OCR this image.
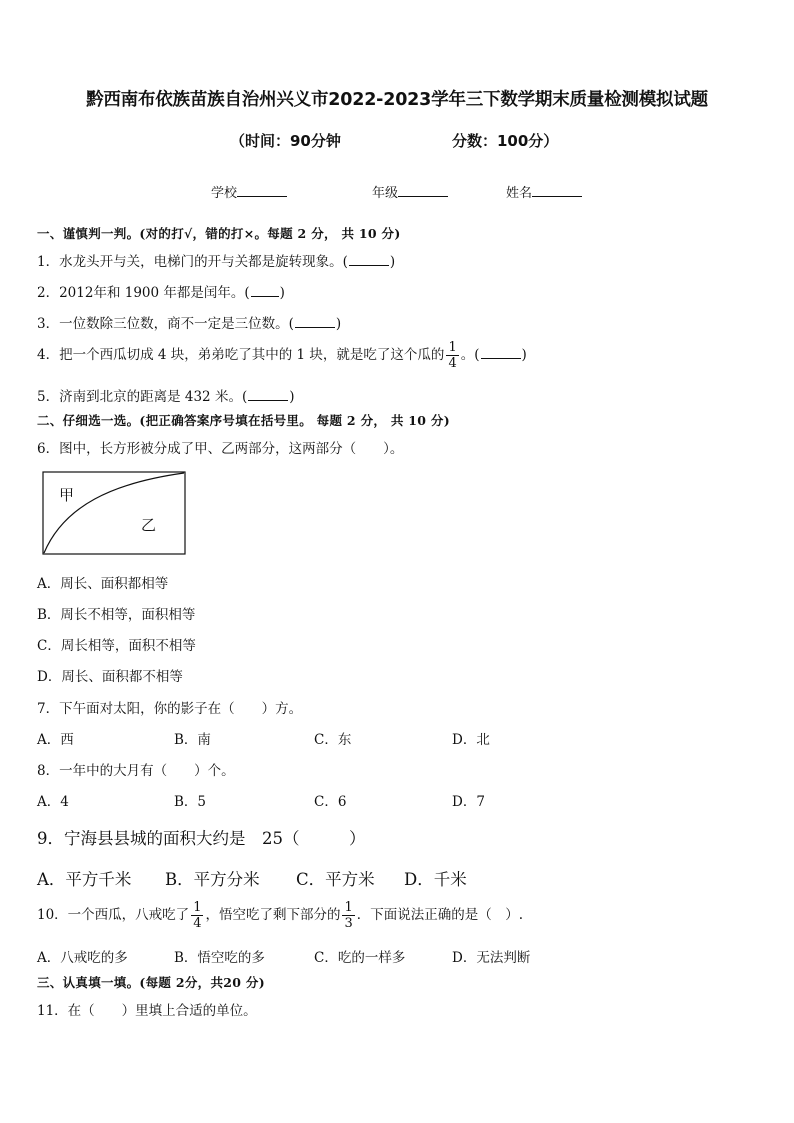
黔西南布依族苗族自治州兴义市2022-2023学年三下数学期末质量检测模拟试题
（时间：90分钟	分数：100分）
学校	年级	姓名
一、谨慎判一判。(对的打√，错的打×。每题 2 分， 共 10 分)
1．水龙头开与关，电梯门的开与关都是旋转现象。(	)
2．2012年和 1900 年都是闰年。( )
3．一位数除三位数，商不一定是三位数。(	)
4．把一个西瓜切成 4 块，弟弟吃了其中的 1 块，就是吃了这个瓜的 $\frac{1}{4}$ 。(	)
5．济南到北京的距离是 432 米。(	)
二、仔细选一选。(把正确答案序号填在括号里。 每题 2 分， 共 10 分)
6．图中，长方形被分成了甲、乙两部分，这两部分（　　）。
甲
乙
A．周长、面积都相等
B．周长不相等，面积相等
C．周长相等，面积不相等
D．周长、面积都不相等
7．下午面对太阳，你的影子在（　　）方。
A．西	B．南	C．东	D．北
8．一年中的大月有（　　）个。
A．4	B．5	C．6	D．7
9．宁海县县城的面积大约是　25（　　　）
A．平方千米 B．平方分米 C．平方米 D．千米
10．一个西瓜，八戒吃了 $\frac{1}{4}$ ，悟空吃了剩下部分的 $\frac{1}{3}$ ．下面说法正确的是（　）.
A．八戒吃的多	B．悟空吃的多	C．吃的一样多	D．无法判断
三、认真填一填。(每题 2分，共20 分)
11．在（　　）里填上合适的单位。
